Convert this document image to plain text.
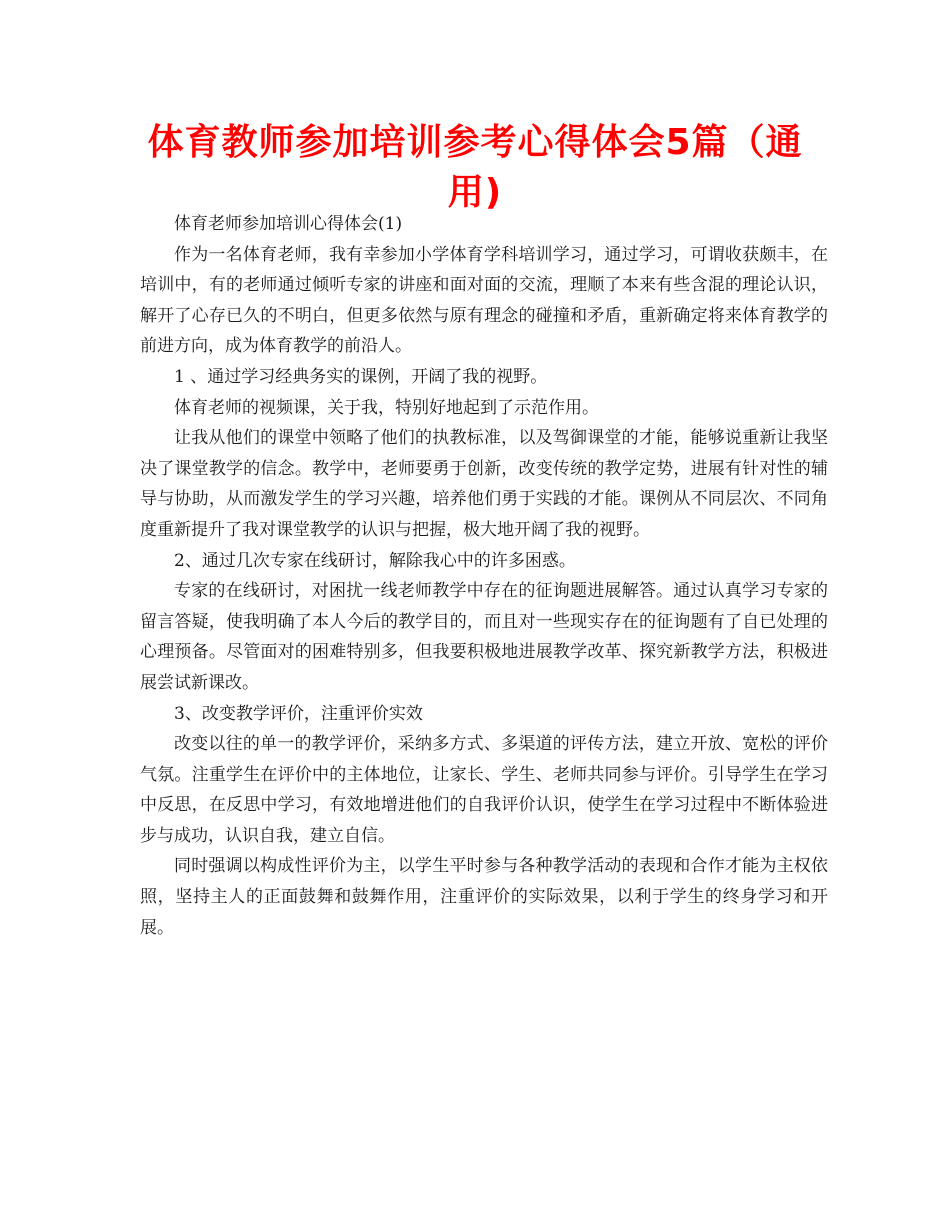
体育教师参加培训参考心得体会5篇（通用)

体育老师参加培训心得体会(1)

作为一名体育老师，我有幸参加小学体育学科培训学习，通过学习，可谓收获颇丰，在培训中，有的老师通过倾听专家的讲座和面对面的交流，理顺了本来有些含混的理论认识，解开了心存已久的不明白，但更多依然与原有理念的碰撞和矛盾，重新确定将来体育教学的前进方向，成为体育教学的前沿人。

1 、通过学习经典务实的课例，开阔了我的视野。

体育老师的视频课，关于我，特别好地起到了示范作用。

让我从他们的课堂中领略了他们的执教标准，以及驾御课堂的才能，能够说重新让我坚决了课堂教学的信念。教学中，老师要勇于创新，改变传统的教学定势，进展有针对性的辅导与协助，从而激发学生的学习兴趣，培养他们勇于实践的才能。课例从不同层次、不同角度重新提升了我对课堂教学的认识与把握，极大地开阔了我的视野。

2、通过几次专家在线研讨，解除我心中的许多困惑。

专家的在线研讨，对困扰一线老师教学中存在的征询题进展解答。通过认真学习专家的留言答疑，使我明确了本人今后的教学目的，而且对一些现实存在的征询题有了自已处理的心理预备。尽管面对的困难特别多，但我要积极地进展教学改革、探究新教学方法，积极进展尝试新课改。

3、改变教学评价，注重评价实效

改变以往的单一的教学评价，采纳多方式、多渠道的评传方法，建立开放、宽松的评价气氛。注重学生在评价中的主体地位，让家长、学生、老师共同参与评价。引导学生在学习中反思，在反思中学习，有效地增进他们的自我评价认识，使学生在学习过程中不断体验进步与成功，认识自我，建立自信。

同时强调以构成性评价为主，以学生平时参与各种教学活动的表现和合作才能为主权依照，坚持主人的正面鼓舞和鼓舞作用，注重评价的实际效果，以利于学生的终身学习和开展。
